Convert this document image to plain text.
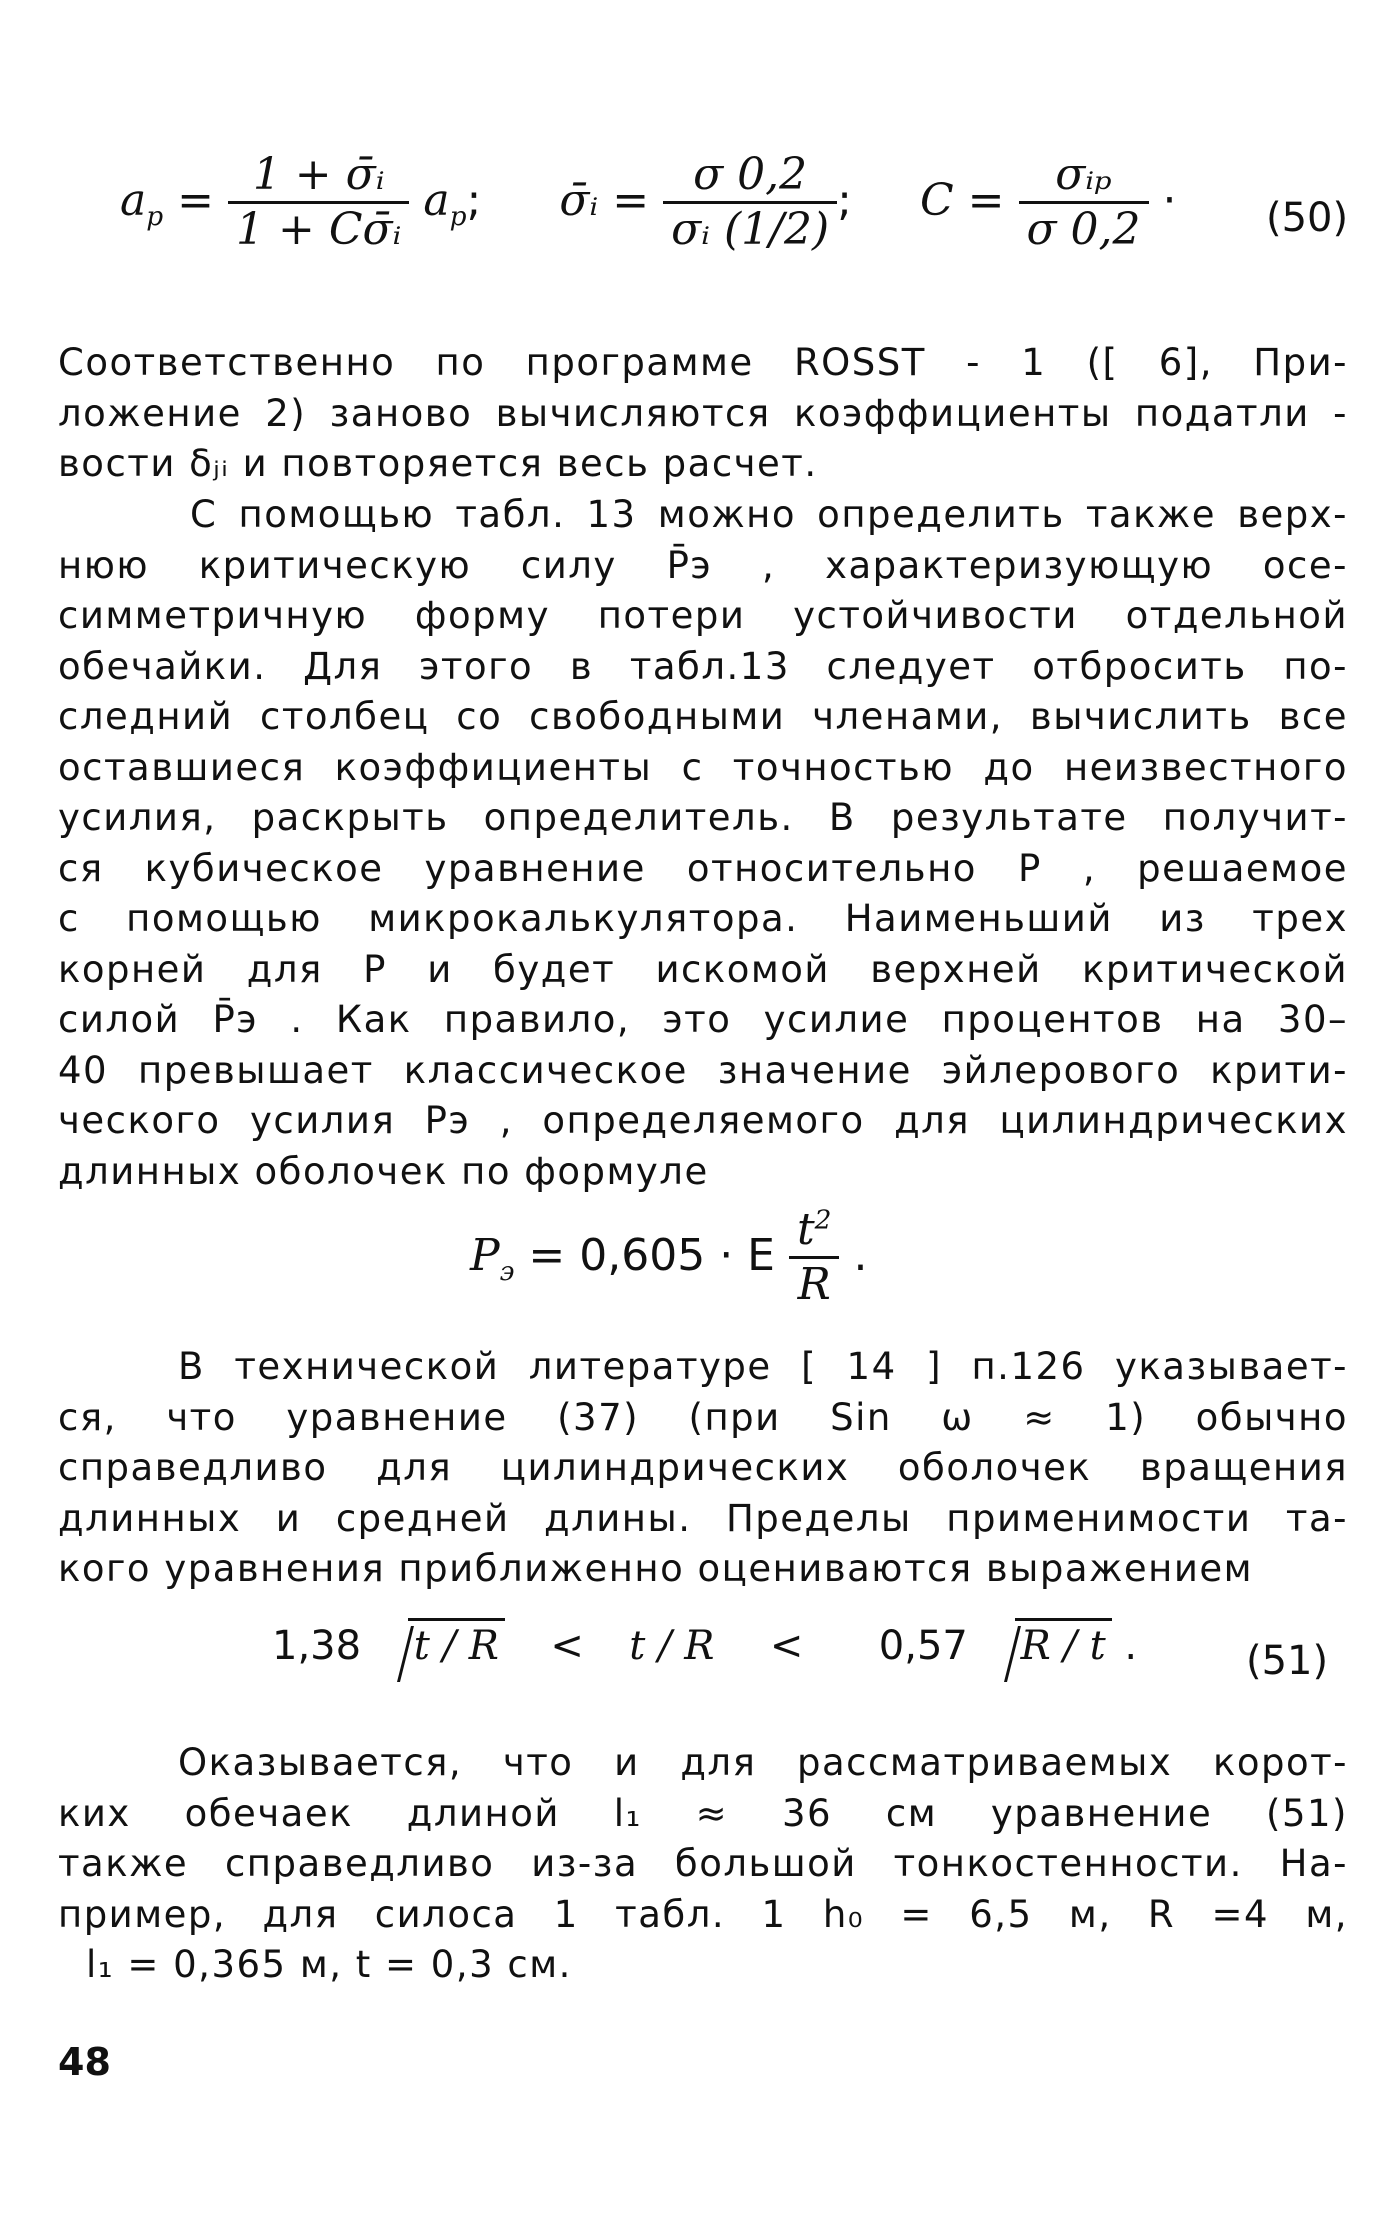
$a_p = \frac{\text{1 + σ̄ᵢ}}{\text{1 + Cσ̄ᵢ}} a_p$; σ̄ᵢ = $\frac{\sigma 0,2}{\text{σᵢ (1/2)}}$ ; $C = \frac{\text{σᵢₚ}}{\sigma 0,2} \cdot (50)$
Соответственно по программе ROSST - 1 ([ 6], При-
ложение 2) заново вычисляются коэффициенты податли -
вости δⱼᵢ и повторяется весь расчет.
С помощью табл. 13 можно определить также верх-
нюю критическую силу P̄э , характеризующую осе-
симметричную форму потери устойчивости отдельной
обечайки. Для этого в табл.13 следует отбросить по-
следний столбец со свободными членами, вычислить все
оставшиеся коэффициенты с точностью до неизвестного
усилия, раскрыть определитель. В результате получит-
ся кубическое уравнение относительно P , решаемое
с помощью микрокалькулятора. Наименьший из трех
корней для P и будет искомой верхней критической
силой P̄э . Как правило, это усилие процентов на 30–
40 превышает классическое значение эйлерового крити-
ческого усилия Pэ , определяемого для цилиндрических
длинных оболочек по формуле
$P_э = 0,605 \cdot E \frac{t^2}{R}$ .
В технической литературе [ 14 ] п.126 указывает-
ся, что уравнение (37) (при Sin ω ≈ 1) обычно
справедливо для цилиндрических оболочек вращения
длинных и средней длины. Пределы применимости та-
кого уравнения приближенно оцениваются выражением
1,38 t / R < t / R < 0,57 R / t .	(51)
Оказывается, что и для рассматриваемых корот-
ких обечаек длиной l₁ ≈ 36 см уравнение (51)
также справедливо из-за большой тонкостенности. На-
пример, для силоса 1 табл. 1 h₀ = 6,5 м, R =4 м,
l₁ = 0,365 м, t = 0,3 см.
48
